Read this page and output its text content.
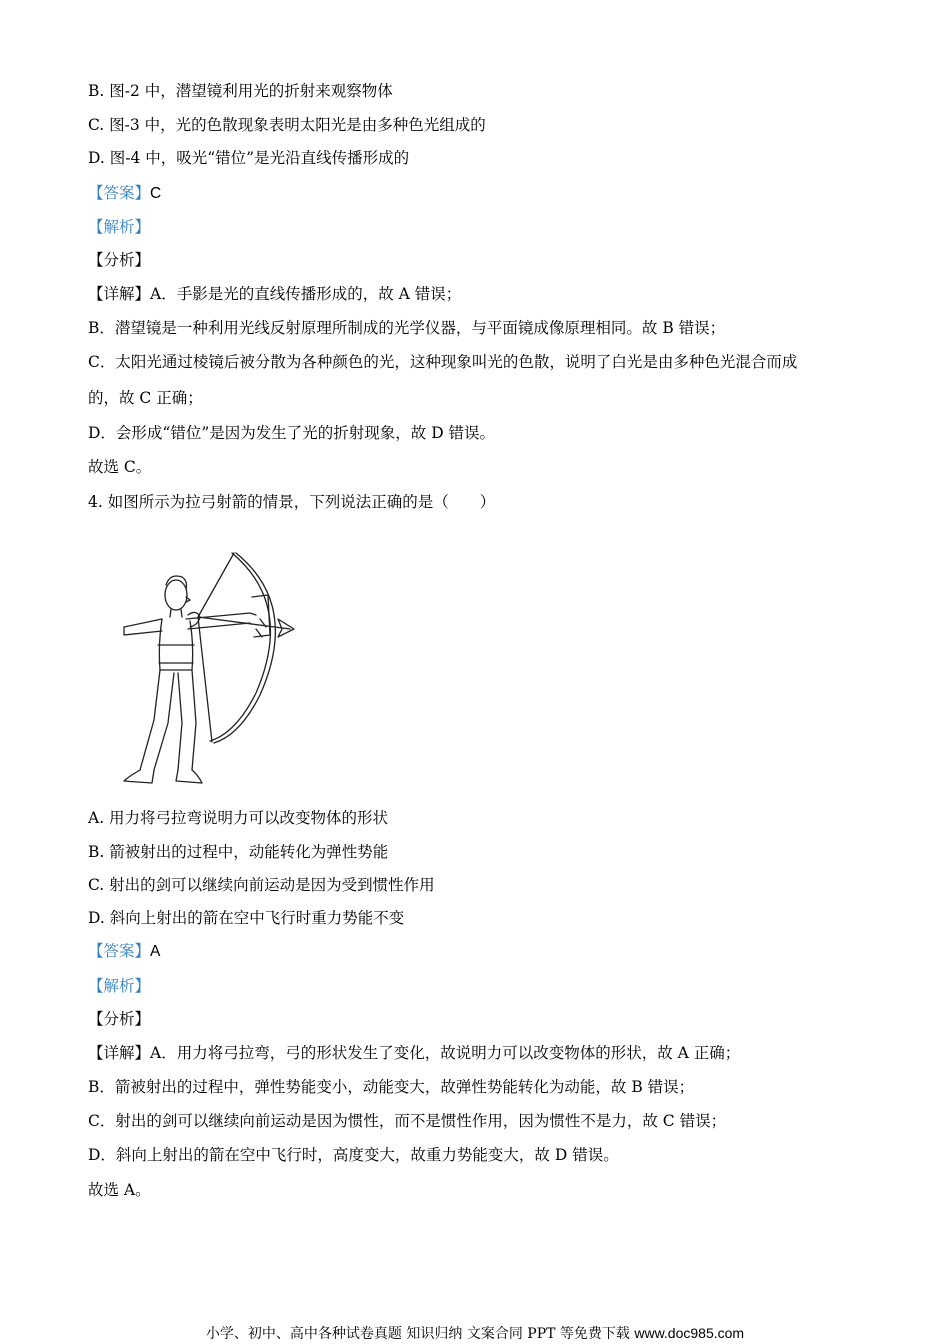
B. 图-2 中，潜望镜利用光的折射来观察物体
C. 图-3 中，光的色散现象表明太阳光是由多种色光组成的
D. 图-4 中，吸光“错位”是光沿直线传播形成的
【答案】C
【解析】
【分析】
【详解】A．手影是光的直线传播形成的，故 A 错误；
B．潜望镜是一种利用光线反射原理所制成的光学仪器，与平面镜成像原理相同。故 B 错误；
C．太阳光通过棱镜后被分散为各种颜色的光，这种现象叫光的色散，说明了白光是由多种色光混合而成
的，故 C 正确；
D．会形成“错位”是因为发生了光的折射现象，故 D 错误。
故选 C。
4. 如图所示为拉弓射箭的情景，下列说法正确的是（　　）
A. 用力将弓拉弯说明力可以改变物体的形状
B. 箭被射出的过程中，动能转化为弹性势能
C. 射出的剑可以继续向前运动是因为受到惯性作用
D. 斜向上射出的箭在空中飞行时重力势能不变
【答案】A
【解析】
【分析】
【详解】A．用力将弓拉弯，弓的形状发生了变化，故说明力可以改变物体的形状，故 A 正确；
B．箭被射出的过程中，弹性势能变小，动能变大，故弹性势能转化为动能，故 B 错误；
C．射出的剑可以继续向前运动是因为惯性，而不是惯性作用，因为惯性不是力，故 C 错误；
D．斜向上射出的箭在空中飞行时，高度变大，故重力势能变大，故 D 错误。
故选 A。
小学、初中、高中各种试卷真题 知识归纳 文案合同 PPT 等免费下载 www.doc985.com
